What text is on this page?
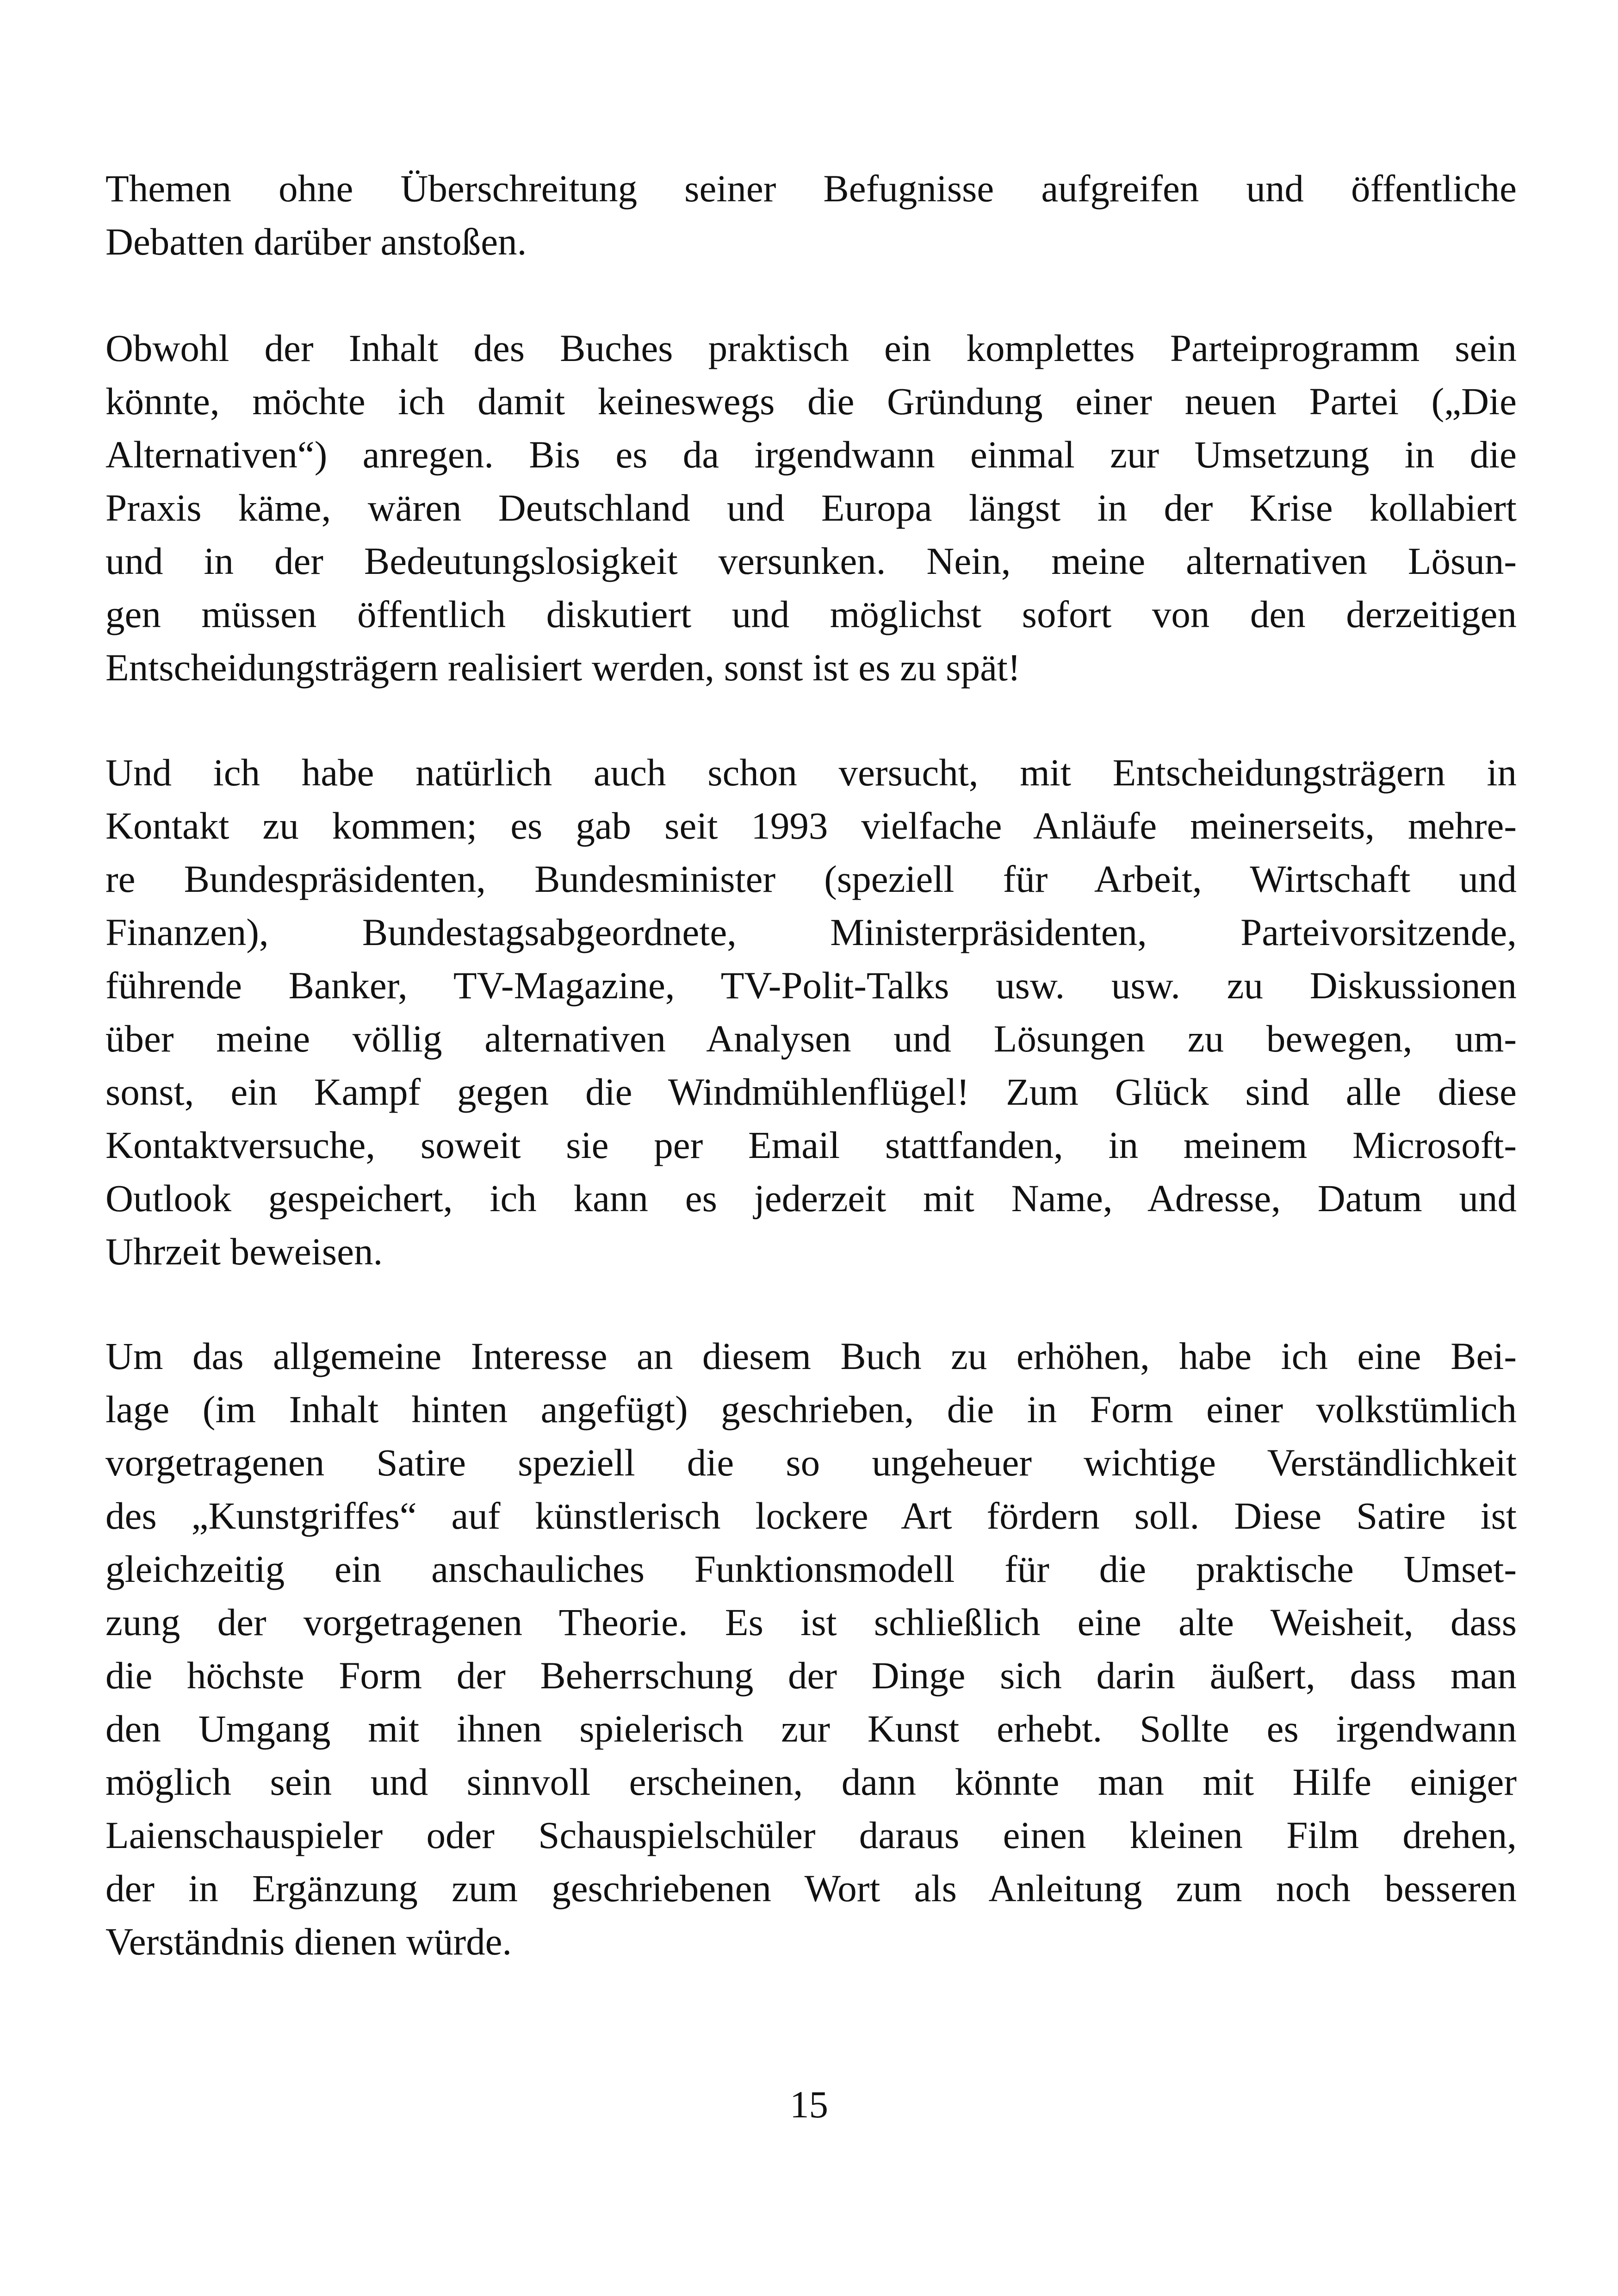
Themen ohne Überschreitung seiner Befugnisse aufgreifen und öffentliche
Debatten darüber anstoßen.
Obwohl der Inhalt des Buches praktisch ein komplettes Parteiprogramm sein
könnte, möchte ich damit keineswegs die Gründung einer neuen Partei („Die
Alternativen“) anregen. Bis es da irgendwann einmal zur Umsetzung in die
Praxis käme, wären Deutschland und Europa längst in der Krise kollabiert
und in der Bedeutungslosigkeit versunken. Nein, meine alternativen Lösun-
gen müssen öffentlich diskutiert und möglichst sofort von den derzeitigen
Entscheidungsträgern realisiert werden, sonst ist es zu spät!
Und ich habe natürlich auch schon versucht, mit Entscheidungsträgern in
Kontakt zu kommen; es gab seit 1993 vielfache Anläufe meinerseits, mehre-
re Bundespräsidenten, Bundesminister (speziell für Arbeit, Wirtschaft und
Finanzen), Bundestagsabgeordnete, Ministerpräsidenten, Parteivorsitzende,
führende Banker, TV-Magazine, TV-Polit-Talks usw. usw. zu Diskussionen
über meine völlig alternativen Analysen und Lösungen zu bewegen, um-
sonst, ein Kampf gegen die Windmühlenflügel! Zum Glück sind alle diese
Kontaktversuche, soweit sie per Email stattfanden, in meinem Microsoft-
Outlook gespeichert, ich kann es jederzeit mit Name, Adresse, Datum und
Uhrzeit beweisen.
Um das allgemeine Interesse an diesem Buch zu erhöhen, habe ich eine Bei-
lage (im Inhalt hinten angefügt) geschrieben, die in Form einer volkstümlich
vorgetragenen Satire speziell die so ungeheuer wichtige Verständlichkeit
des „Kunstgriffes“ auf künstlerisch lockere Art fördern soll. Diese Satire ist
gleichzeitig ein anschauliches Funktionsmodell für die praktische Umset-
zung der vorgetragenen Theorie. Es ist schließlich eine alte Weisheit, dass
die höchste Form der Beherrschung der Dinge sich darin äußert, dass man
den Umgang mit ihnen spielerisch zur Kunst erhebt. Sollte es irgendwann
möglich sein und sinnvoll erscheinen, dann könnte man mit Hilfe einiger
Laienschauspieler oder Schauspielschüler daraus einen kleinen Film drehen,
der in Ergänzung zum geschriebenen Wort als Anleitung zum noch besseren
Verständnis dienen würde.
15
